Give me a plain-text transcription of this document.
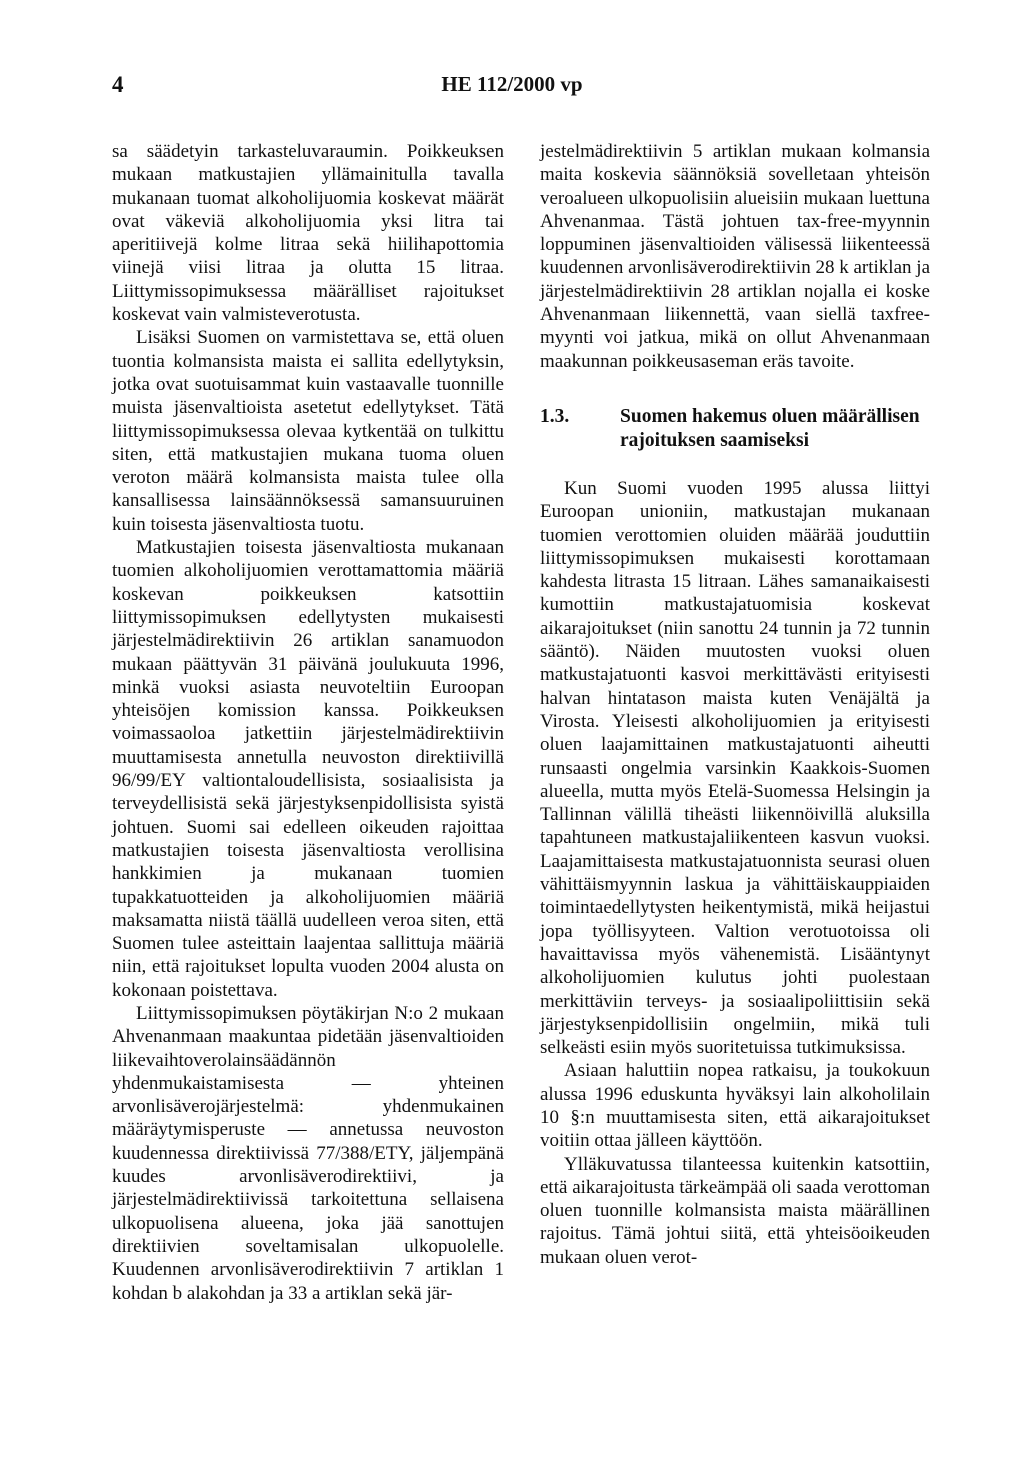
4	HE 112/2000 vp

sa säädetyin tarkasteluvaraumin. Poikkeuksen mukaan matkustajien yllämainitulla tavalla mukanaan tuomat alkoholijuomia koskevat määrät ovat väkeviä alkoholijuomia yksi litra tai aperitiivejä kolme litraa sekä hiilihapottomia viinejä viisi litraa ja olutta 15 litraa. Liittymissopimuksessa määrälliset rajoitukset koskevat vain valmisteverotusta.

Lisäksi Suomen on varmistettava se, että oluen tuontia kolmansista maista ei sallita edellytyksin, jotka ovat suotuisammat kuin vastaavalle tuonnille muista jäsenvaltioista asetetut edellytykset. Tätä liittymissopimuksessa olevaa kytkentää on tulkittu siten, että matkustajien mukana tuoma oluen veroton määrä kolmansista maista tulee olla kansallisessa lainsäännöksessä samansuuruinen kuin toisesta jäsenvaltiosta tuotu.

Matkustajien toisesta jäsenvaltiosta mukanaan tuomien alkoholijuomien verottamattomia määriä koskevan poikkeuksen katsottiin liittymissopimuksen edellytysten mukaisesti järjestelmädirektiivin 26 artiklan sanamuodon mukaan päättyvän 31 päivänä joulukuuta 1996, minkä vuoksi asiasta neuvoteltiin Euroopan yhteisöjen komission kanssa. Poikkeuksen voimassaoloa jatkettiin järjestelmädirektiivin muuttamisesta annetulla neuvoston direktiivillä 96/99/EY valtiontaloudellisista, sosiaalisista ja terveydellisistä sekä järjestyksenpidollisista syistä johtuen. Suomi sai edelleen oikeuden rajoittaa matkustajien toisesta jäsenvaltiosta verollisina hankkimien ja mukanaan tuomien tupakkatuotteiden ja alkoholijuomien määriä maksamatta niistä täällä uudelleen veroa siten, että Suomen tulee asteittain laajentaa sallittuja määriä niin, että rajoitukset lopulta vuoden 2004 alusta on kokonaan poistettava.

Liittymissopimuksen pöytäkirjan N:o 2 mukaan Ahvenanmaan maakuntaa pidetään jäsenvaltioiden liikevaihtoverolainsäädännön yhdenmukaistamisesta — yhteinen arvonlisäverojärjestelmä: yhdenmukainen määräytymisperuste — annetussa neuvoston kuudennessa direktiivissä 77/388/ETY, jäljempänä kuudes arvonlisäverodirektiivi, ja järjestelmädirektiivissä tarkoitettuna sellaisena ulkopuolisena alueena, joka jää sanottujen direktiivien soveltamisalan ulkopuolelle. Kuudennen arvonlisäverodirektiivin 7 artiklan 1 kohdan b alakohdan ja 33 a artiklan sekä jär-

jestelmädirektiivin 5 artiklan mukaan kolmansia maita koskevia säännöksiä sovelletaan yhteisön veroalueen ulkopuolisiin alueisiin mukaan luettuna Ahvenanmaa. Tästä johtuen tax-free-myynnin loppuminen jäsenvaltioiden välisessä liikenteessä kuudennen arvonlisäverodirektiivin 28 k artiklan ja järjestelmädirektiivin 28 artiklan nojalla ei koske Ahvenanmaan liikennettä, vaan siellä taxfree-myynti voi jatkua, mikä on ollut Ahvenanmaan maakunnan poikkeusaseman eräs tavoite.

1.3.	Suomen hakemus oluen määrällisen rajoituksen saamiseksi

Kun Suomi vuoden 1995 alussa liittyi Euroopan unioniin, matkustajan mukanaan tuomien verottomien oluiden määrää jouduttiin liittymissopimuksen mukaisesti korottamaan kahdesta litrasta 15 litraan. Lähes samanaikaisesti kumottiin matkustajatuomisia koskevat aikarajoitukset (niin sanottu 24 tunnin ja 72 tunnin sääntö). Näiden muutosten vuoksi oluen matkustajatuonti kasvoi merkittävästi erityisesti halvan hintatason maista kuten Venäjältä ja Virosta. Yleisesti alkoholijuomien ja erityisesti oluen laajamittainen matkustajatuonti aiheutti runsaasti ongelmia varsinkin Kaakkois-Suomen alueella, mutta myös Etelä-Suomessa Helsingin ja Tallinnan välillä tiheästi liikennöivillä aluksilla tapahtuneen matkustajaliikenteen kasvun vuoksi. Laajamittaisesta matkustajatuonnista seurasi oluen vähittäismyynnin laskua ja vähittäiskauppiaiden toimintaedellytysten heikentymistä, mikä heijastui jopa työllisyyteen. Valtion verotuotoissa oli havaittavissa myös vähenemistä. Lisääntynyt alkoholijuomien kulutus johti puolestaan merkittäviin terveys- ja sosiaalipoliittisiin sekä järjestyksenpidollisiin ongelmiin, mikä tuli selkeästi esiin myös suoritetuissa tutkimuksissa.

Asiaan haluttiin nopea ratkaisu, ja toukokuun alussa 1996 eduskunta hyväksyi lain alkoholilain 10 §:n muuttamisesta siten, että aikarajoitukset voitiin ottaa jälleen käyttöön.

Ylläkuvatussa tilanteessa kuitenkin katsottiin, että aikarajoitusta tärkeämpää oli saada verottoman oluen tuonnille kolmansista maista määrällinen rajoitus. Tämä johtui siitä, että yhteisöoikeuden mukaan oluen verot-
